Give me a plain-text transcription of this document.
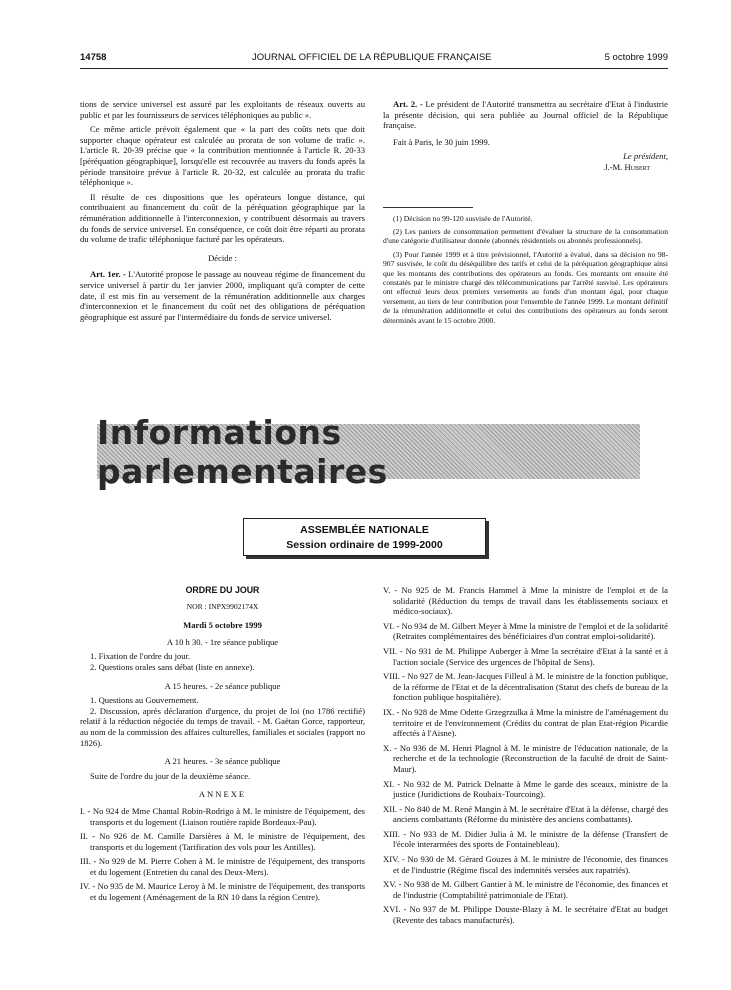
14758	JOURNAL OFFICIEL DE LA RÉPUBLIQUE FRANÇAISE	5 octobre 1999

tions de service universel est assuré par les exploitants de réseaux ouverts au public et par les fournisseurs de services téléphoniques au public ».

Ce même article prévoit également que « la part des coûts nets que doit supporter chaque opérateur est calculée au prorata de son volume de trafic ». L'article R. 20-39 précise que « la contribution mentionnée à l'article R. 20-33 [péréquation géographique], lorsqu'elle est recouvrée au travers du fonds après la période transitoire prévue à l'article R. 20-32, est calculée au prorata du trafic téléphonique ».

Il résulte de ces dispositions que les opérateurs longue distance, qui contribuaient au financement du coût de la péréquation géographique par la rémunération additionnelle à l'interconnexion, y contribuent désormais au travers du fonds de service universel. En conséquence, ce coût doit être réparti au prorata du volume de trafic téléphonique facturé par les opérateurs.

Décide :

Art. 1er. - L'Autorité propose le passage au nouveau régime de financement du service universel à partir du 1er janvier 2000, impliquant qu'à compter de cette date, il est mis fin au versement de la rémunération additionnelle aux charges d'interconnexion et le financement du coût net des obligations de péréquation géographique est assuré par l'intermédiaire du fonds de service universel.

Art. 2. - Le président de l'Autorité transmettra au secrétaire d'Etat à l'industrie la présente décision, qui sera publiée au Journal officiel de la République française.

Fait à Paris, le 30 juin 1999.

Le président,

J.-M. Hubert

(1) Décision no 99-120 susvisée de l'Autorité.

(2) Les paniers de consommation permettent d'évaluer la structure de la consommation d'une catégorie d'utilisateur donnée (abonnés résidentiels ou abonnés professionnels).

(3) Pour l'année 1999 et à titre prévisionnel, l'Autorité a évalué, dans sa décision no 98-907 susvisée, le coût du déséquilibre des tarifs et celui de la péréquation géographique ainsi que les montants des contributions des opérateurs au fonds. Ces montants ont ensuite été constatés par le ministre chargé des télécommunications par l'arrêté susvisé. Les opérateurs ont effectué leurs deux premiers versements au fonds d'un montant égal, pour chaque versement, au tiers de leur contribution pour l'ensemble de l'année 1999. Le montant définitif de la rémunération additionnelle et celui des contributions des opérateurs au fonds seront déterminés avant le 15 octobre 2000.

Informations parlementaires
ASSEMBLÉE NATIONALE
Session ordinaire de 1999-2000

ORDRE DU JOUR

NOR : INPX9902174X

Mardi 5 octobre 1999

A 10 h 30. - 1re séance publique

1. Fixation de l'ordre du jour.

2. Questions orales sans débat (liste en annexe).

A 15 heures. - 2e séance publique

1. Questions au Gouvernement.

2. Discussion, après déclaration d'urgence, du projet de loi (no 1786 rectifié) relatif à la réduction négociée du temps de travail. - M. Gaëtan Gorce, rapporteur, au nom de la commission des affaires culturelles, familiales et sociales (rapport no 1826).

A 21 heures. - 3e séance publique

Suite de l'ordre du jour de la deuxième séance.

ANNEXE

I. - No 924 de Mme Chantal Robin-Rodrigo à M. le ministre de l'équipement, des transports et du logement (Liaison routière rapide Bordeaux-Pau).

II. - No 926 de M. Camille Darsières à M. le ministre de l'équipement, des transports et du logement (Tarification des vols pour les Antilles).

III. - No 929 de M. Pierre Cohen à M. le ministre de l'équipement, des transports et du logement (Entretien du canal des Deux-Mers).

IV. - No 935 de M. Maurice Leroy à M. le ministre de l'équipement, des transports et du logement (Aménagement de la RN 10 dans la région Centre).

V. - No 925 de M. Francis Hammel à Mme la ministre de l'emploi et de la solidarité (Réduction du temps de travail dans les établissements sociaux et médico-sociaux).

VI. - No 934 de M. Gilbert Meyer à Mme la ministre de l'emploi et de la solidarité (Retraites complémentaires des bénéficiaires d'un contrat emploi-solidarité).

VII. - No 931 de M. Philippe Auberger à Mme la secrétaire d'Etat à la santé et à l'action sociale (Service des urgences de l'hôpital de Sens).

VIII. - No 927 de M. Jean-Jacques Filleul à M. le ministre de la fonction publique, de la réforme de l'Etat et de la décentralisation (Statut des chefs de bureau de la fonction publique hospitalière).

IX. - No 928 de Mme Odette Grzegrzulka à Mme la ministre de l'aménagement du territoire et de l'environnement (Crédits du contrat de plan Etat-région Picardie affectés à l'Aisne).

X. - No 936 de M. Henri Plagnol à M. le ministre de l'éducation nationale, de la recherche et de la technologie (Reconstruction de la faculté de droit de Saint-Maur).

XI. - No 932 de M. Patrick Delnatte à Mme le garde des sceaux, ministre de la justice (Juridictions de Roubaix-Tourcoing).

XII. - No 840 de M. René Mangin à M. le secrétaire d'Etat à la défense, chargé des anciens combattants (Réforme du ministère des anciens combattants).

XIII. - No 933 de M. Didier Julia à M. le ministre de la défense (Transfert de l'école interarmées des sports de Fontainebleau).

XIV. - No 930 de M. Gérard Gouzes à M. le ministre de l'économie, des finances et de l'industrie (Régime fiscal des indemnités versées aux rapatriés).

XV. - No 938 de M. Gilbert Gantier à M. le ministre de l'économie, des finances et de l'industrie (Comptabilité patrimoniale de l'Etat).

XVI. - No 937 de M. Philippe Douste-Blazy à M. le secrétaire d'Etat au budget (Revente des tabacs manufacturés).
